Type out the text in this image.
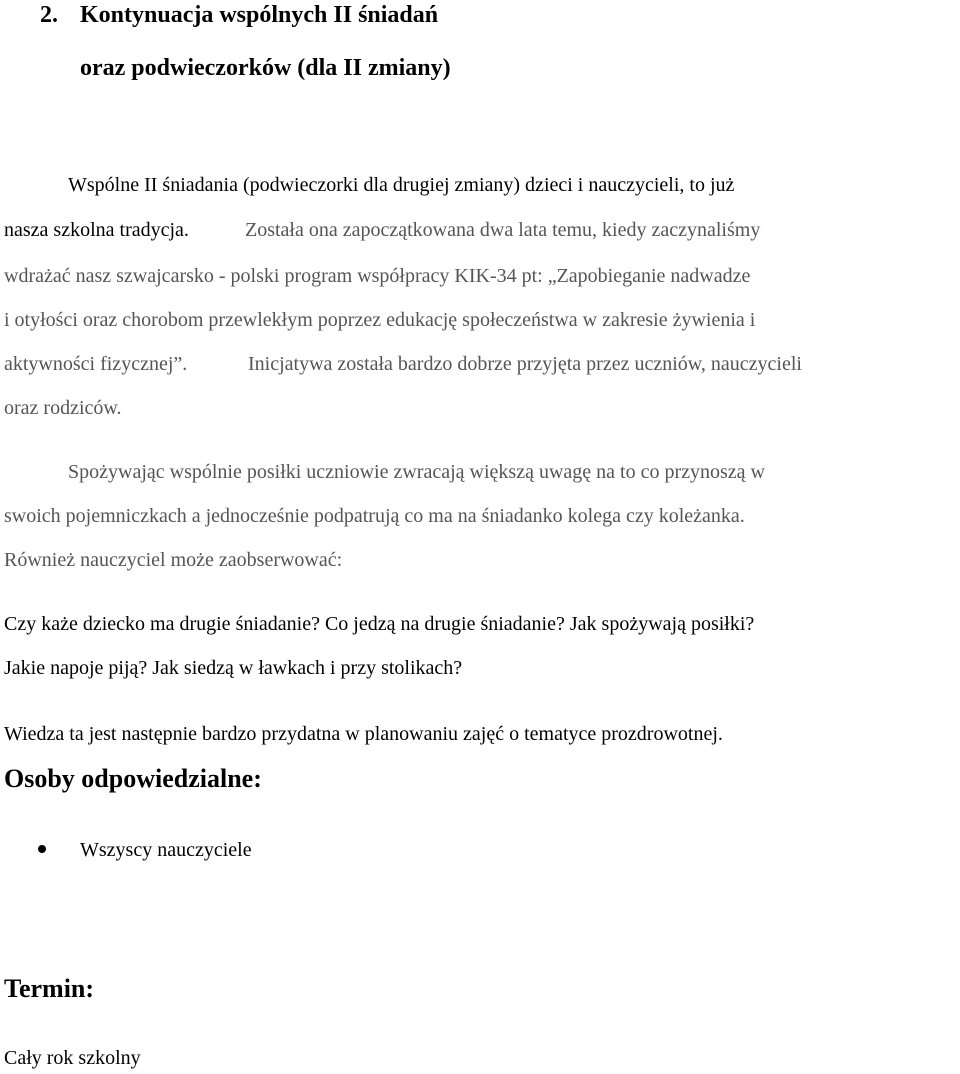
2. Kontynuacja wspólnych II śniadań
oraz podwieczorków (dla II zmiany)
Wspólne II śniadania (podwieczorki dla drugiej zmiany) dzieci i nauczycieli, to już
nasza szkolna tradycja.	Została ona zapoczątkowana dwa lata temu, kiedy zaczynaliśmy
wdrażać nasz szwajcarsko - polski program współpracy KIK-34 pt: „Zapobieganie nadwadze
i otyłości oraz chorobom przewlekłym poprzez edukację społeczeństwa w zakresie żywienia i
aktywności fizycznej”.	Inicjatywa została bardzo dobrze przyjęta przez uczniów, nauczycieli
oraz rodziców.
Spożywając wspólnie posiłki uczniowie zwracają większą uwagę na to co przynoszą w
swoich pojemniczkach a jednocześnie podpatrują co ma na śniadanko kolega czy koleżanka.
Również nauczyciel może zaobserwować:
Czy każe dziecko ma drugie śniadanie? Co jedzą na drugie śniadanie? Jak spożywają posiłki?
Jakie napoje piją? Jak siedzą w ławkach i przy stolikach?
Wiedza ta jest następnie bardzo przydatna w planowaniu zajęć o tematyce prozdrowotnej.
Osoby odpowiedzialne:
Wszyscy nauczyciele
Termin:
Cały rok szkolny
